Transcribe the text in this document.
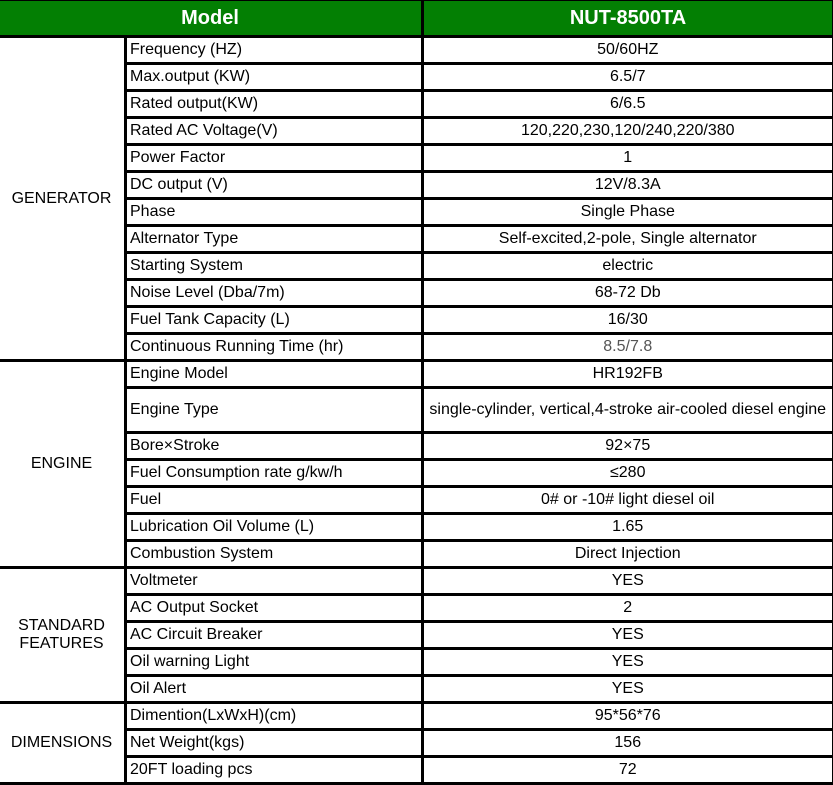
Model		NUT-8500TA
GENERATOR	Frequency (HZ)	50/60HZ
	Max.output (KW)	6.5/7
	Rated output(KW)	6/6.5
	Rated AC Voltage(V)	120,220,230,120/240,220/380
	Power Factor	1
	DC output (V)	12V/8.3A
	Phase	Single Phase
	Alternator Type	Self-excited,2-pole, Single alternator
	Starting System	electric
	Noise Level (Dba/7m)	68-72 Db
	Fuel Tank Capacity (L)	16/30
	Continuous Running Time (hr)	8.5/7.8
ENGINE	Engine Model	HR192FB
	Engine Type	single-cylinder, vertical,4-stroke air-cooled diesel engine
	Bore×Stroke	92×75
	Fuel Consumption rate g/kw/h	≤280
	Fuel	0# or -10# light diesel oil
	Lubrication Oil Volume (L)	1.65
	Combustion System	Direct Injection
STANDARD FEATURES	Voltmeter	YES
	AC Output Socket	2
	AC Circuit Breaker	YES
	Oil warning Light	YES
	Oil Alert	YES
DIMENSIONS	Dimention(LxWxH)(cm)	95*56*76
	Net Weight(kgs)	156
	20FT loading pcs	72
